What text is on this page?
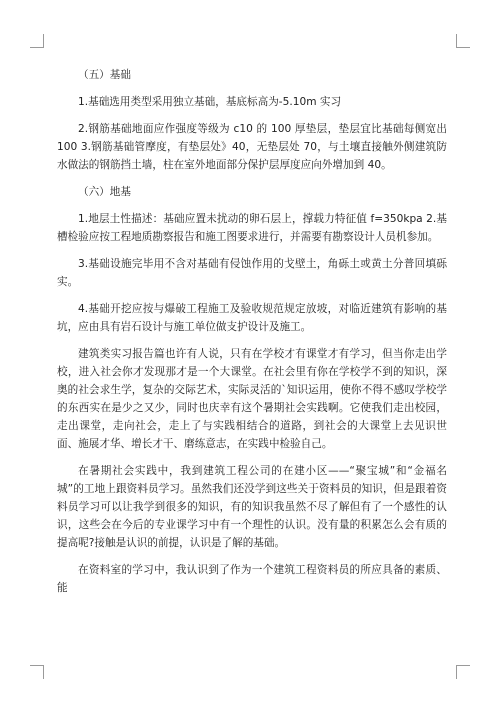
（五）基础

1.基础选用类型采用独立基础，基底标高为-5.10m 实习

2.钢筋基础地面应作强度等级为 c10 的 100 厚垫层，垫层宜比基础每侧宽出 100 3.钢筋基础管摩度，有垫层处》40，无垫层处 70，与土壤直接触外侧建筑防水做法的钢筋挡土墙，柱在室外地面部分保护层厚度应向外增加到 40。

（六）地基

1.地层土性描述：基础应置未扰动的卵石层上，撑载力特征值 f=350kpa 2.基槽检验应按工程地质勘察报告和施工图要求进行，并需要有勘察设计人员机参加。

3.基础设施完毕用不含对基础有侵蚀作用的戈壁土，角砾土或黄土分普回填砾实。

4.基础开挖应按与爆破工程施工及验收规范规定放坡，对临近建筑有影响的基坑，应由具有岩石设计与施工单位做支护设计及施工。

建筑类实习报告篇也许有人说，只有在学校才有课堂才有学习，但当你走出学校，进入社会你才发现那才是一个大课堂。在社会里有你在学校学不到的知识，深奥的社会求生学，复杂的交际艺术，实际灵活的`知识运用，使你不得不感叹学校学的东西实在是少之又少，同时也庆幸有这个暑期社会实践啊。它使我们走出校园，走出课堂，走向社会，走上了与实践相结合的道路，到社会的大课堂上去见识世面、施展才华、增长才干、磨练意志，在实践中检验自己。

在暑期社会实践中，我到建筑工程公司的在建小区——“聚宝城”和“金福名城”的工地上跟资料员学习。虽然我们还没学到这些关于资料员的知识，但是跟着资料员学习可以让我学到很多的知识，有的知识我虽然不尽了解但有了一个感性的认识，这些会在今后的专业课学习中有一个理性的认识。没有量的积累怎么会有质的提高呢?接触是认识的前提，认识是了解的基础。

在资料室的学习中，我认识到了作为一个建筑工程资料员的所应具备的素质、能
